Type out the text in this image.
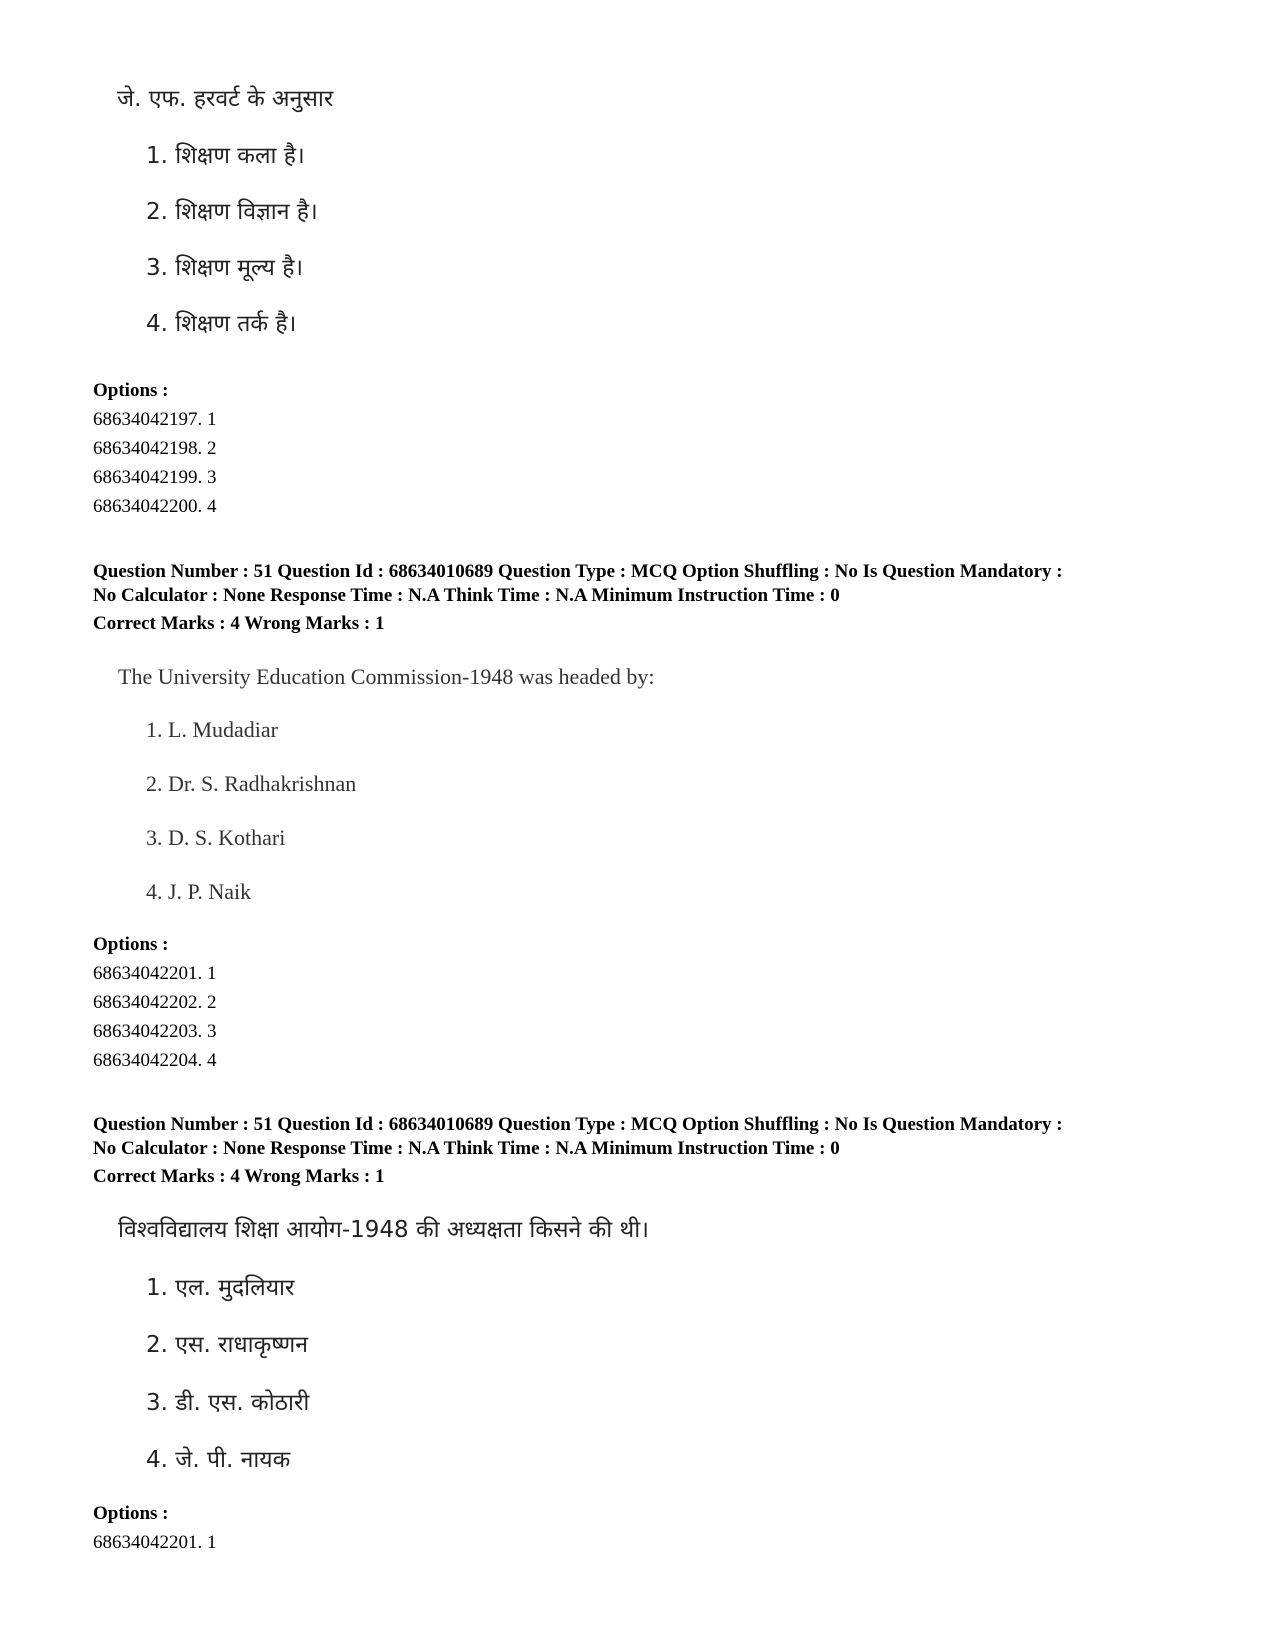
जे. एफ. हरवर्ट के अनुसार
1. शिक्षण कला है।
2. शिक्षण विज्ञान है।
3. शिक्षण मूल्य है।
4. शिक्षण तर्क है।
Options :
68634042197. 1
68634042198. 2
68634042199. 3
68634042200. 4
Question Number : 51 Question Id : 68634010689 Question Type : MCQ Option Shuffling : No Is Question Mandatory :
No Calculator : None Response Time : N.A Think Time : N.A Minimum Instruction Time : 0
Correct Marks : 4 Wrong Marks : 1
The University Education Commission-1948 was headed by:
1. L. Mudadiar
2. Dr. S. Radhakrishnan
3. D. S. Kothari
4. J. P. Naik
Options :
68634042201. 1
68634042202. 2
68634042203. 3
68634042204. 4
Question Number : 51 Question Id : 68634010689 Question Type : MCQ Option Shuffling : No Is Question Mandatory :
No Calculator : None Response Time : N.A Think Time : N.A Minimum Instruction Time : 0
Correct Marks : 4 Wrong Marks : 1
विश्वविद्यालय शिक्षा आयोग-1948 की अध्यक्षता किसने की थी।
1. एल. मुदलियार
2. एस. राधाकृष्णन
3. डी. एस. कोठारी
4. जे. पी. नायक
Options :
68634042201. 1
